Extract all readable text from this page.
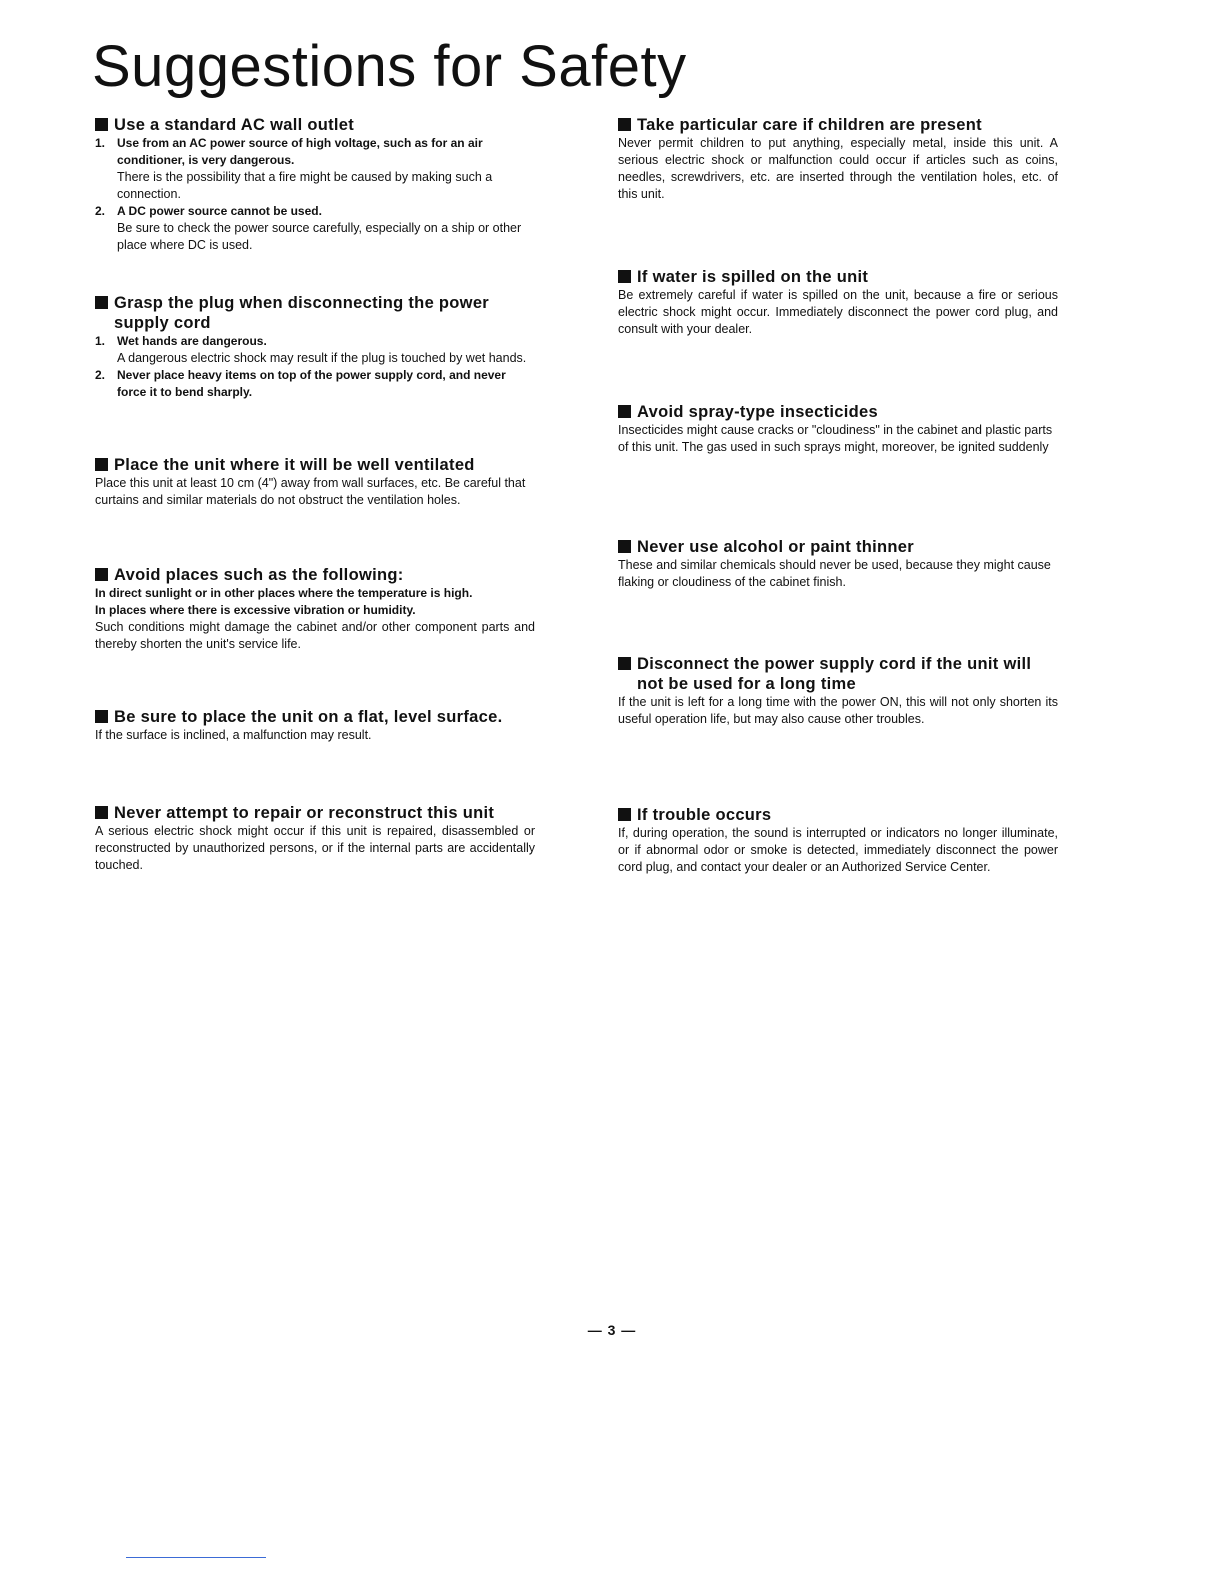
Suggestions for Safety
Use a standard AC wall outlet
1. Use from an AC power source of high voltage, such as for an air conditioner, is very dangerous.

There is the possibility that a fire might be caused by making such a connection.

2. A DC power source cannot be used.

Be sure to check the power source carefully, especially on a ship or other place where DC is used.

Grasp the plug when disconnecting the power supply cord
1. Wet hands are dangerous.

A dangerous electric shock may result if the plug is touched by wet hands.

2. Never place heavy items on top of the power supply cord, and never force it to bend sharply.

Place the unit where it will be well ventilated

Place this unit at least 10 cm (4") away from wall surfaces, etc. Be careful that curtains and similar materials do not obstruct the ventilation holes.

Avoid places such as the following:

In direct sunlight or in other places where the temperature is high.

In places where there is excessive vibration or humidity.

Such conditions might damage the cabinet and/or other component parts and thereby shorten the unit's service life.

Be sure to place the unit on a flat, level surface.

If the surface is inclined, a malfunction may result.

Never attempt to repair or reconstruct this unit

A serious electric shock might occur if this unit is repaired, disassembled or reconstructed by unauthorized persons, or if the internal parts are accidentally touched.

Take particular care if children are present

Never permit children to put anything, especially metal, inside this unit. A serious electric shock or malfunction could occur if articles such as coins, needles, screwdrivers, etc. are inserted through the ventilation holes, etc. of this unit.

If water is spilled on the unit

Be extremely careful if water is spilled on the unit, because a fire or serious electric shock might occur. Immediately disconnect the power cord plug, and consult with your dealer.

Avoid spray-type insecticides

Insecticides might cause cracks or "cloudiness" in the cabinet and plastic parts of this unit. The gas used in such sprays might, moreover, be ignited suddenly

Never use alcohol or paint thinner

These and similar chemicals should never be used, because they might cause flaking or cloudiness of the cabinet finish.

Disconnect the power supply cord if the unit will not be used for a long time

If the unit is left for a long time with the power ON, this will not only shorten its useful operation life, but may also cause other troubles.

If trouble occurs

If, during operation, the sound is interrupted or indicators no longer illuminate, or if abnormal odor or smoke is detected, immediately disconnect the power cord plug, and contact your dealer or an Authorized Service Center.

— 3 —
